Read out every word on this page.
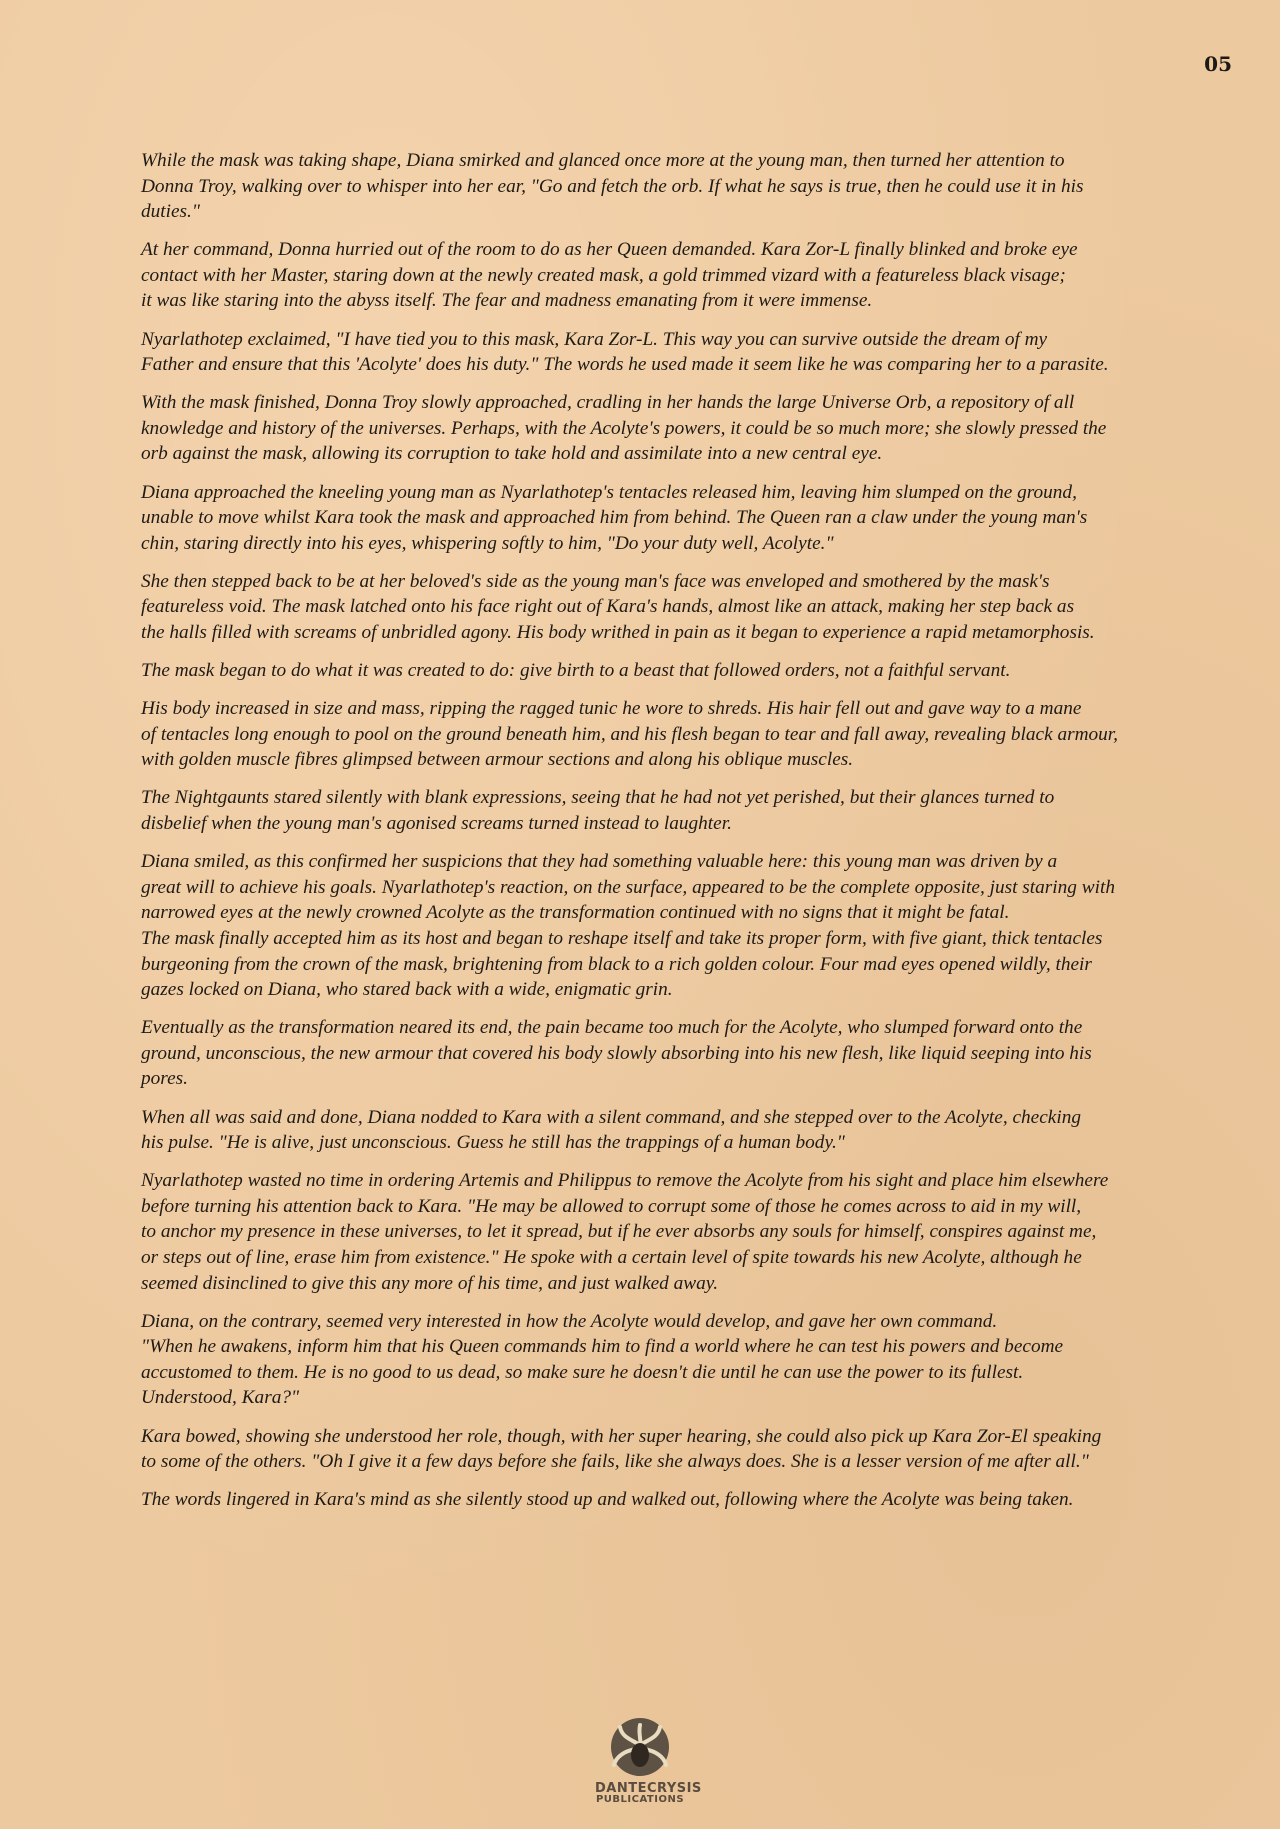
05

While the mask was taking shape, Diana smirked and glanced once more at the young man, then turned her attention to
Donna Troy, walking over to whisper into her ear, "Go and fetch the orb. If what he says is true, then he could use it in his
duties."

At her command, Donna hurried out of the room to do as her Queen demanded. Kara Zor-L finally blinked and broke eye
contact with her Master, staring down at the newly created mask, a gold trimmed vizard with a featureless black visage;
it was like staring into the abyss itself. The fear and madness emanating from it were immense.

Nyarlathotep exclaimed, "I have tied you to this mask, Kara Zor-L. This way you can survive outside the dream of my
Father and ensure that this 'Acolyte' does his duty." The words he used made it seem like he was comparing her to a parasite.

With the mask finished, Donna Troy slowly approached, cradling in her hands the large Universe Orb, a repository of all
knowledge and history of the universes. Perhaps, with the Acolyte's powers, it could be so much more; she slowly pressed the
orb against the mask, allowing its corruption to take hold and assimilate into a new central eye.

Diana approached the kneeling young man as Nyarlathotep's tentacles released him, leaving him slumped on the ground,
unable to move whilst Kara took the mask and approached him from behind. The Queen ran a claw under the young man's
chin, staring directly into his eyes, whispering softly to him, "Do your duty well, Acolyte."

She then stepped back to be at her beloved's side as the young man's face was enveloped and smothered by the mask's
featureless void. The mask latched onto his face right out of Kara's hands, almost like an attack, making her step back as
the halls filled with screams of unbridled agony. His body writhed in pain as it began to experience a rapid metamorphosis.

The mask began to do what it was created to do: give birth to a beast that followed orders, not a faithful servant.

His body increased in size and mass, ripping the ragged tunic he wore to shreds. His hair fell out and gave way to a mane
of tentacles long enough to pool on the ground beneath him, and his flesh began to tear and fall away, revealing black armour,
with golden muscle fibres glimpsed between armour sections and along his oblique muscles.

The Nightgaunts stared silently with blank expressions, seeing that he had not yet perished, but their glances turned to
disbelief when the young man's agonised screams turned instead to laughter.

Diana smiled, as this confirmed her suspicions that they had something valuable here: this young man was driven by a
great will to achieve his goals. Nyarlathotep's reaction, on the surface, appeared to be the complete opposite, just staring with
narrowed eyes at the newly crowned Acolyte as the transformation continued with no signs that it might be fatal.
The mask finally accepted him as its host and began to reshape itself and take its proper form, with five giant, thick tentacles
burgeoning from the crown of the mask, brightening from black to a rich golden colour. Four mad eyes opened wildly, their
gazes locked on Diana, who stared back with a wide, enigmatic grin.

Eventually as the transformation neared its end, the pain became too much for the Acolyte, who slumped forward onto the
ground, unconscious, the new armour that covered his body slowly absorbing into his new flesh, like liquid seeping into his
pores.

When all was said and done, Diana nodded to Kara with a silent command, and she stepped over to the Acolyte, checking
his pulse. "He is alive, just unconscious. Guess he still has the trappings of a human body."

Nyarlathotep wasted no time in ordering Artemis and Philippus to remove the Acolyte from his sight and place him elsewhere
before turning his attention back to Kara. "He may be allowed to corrupt some of those he comes across to aid in my will,
to anchor my presence in these universes, to let it spread, but if he ever absorbs any souls for himself, conspires against me,
or steps out of line, erase him from existence." He spoke with a certain level of spite towards his new Acolyte, although he
seemed disinclined to give this any more of his time, and just walked away.

Diana, on the contrary, seemed very interested in how the Acolyte would develop, and gave her own command.
"When he awakens, inform him that his Queen commands him to find a world where he can test his powers and become
accustomed to them. He is no good to us dead, so make sure he doesn't die until he can use the power to its fullest.
Understood, Kara?"

Kara bowed, showing she understood her role, though, with her super hearing, she could also pick up Kara Zor-El speaking
to some of the others. "Oh I give it a few days before she fails, like she always does. She is a lesser version of me after all."

The words lingered in Kara's mind as she silently stood up and walked out, following where the Acolyte was being taken.

DANTECRYSIS
PUBLICATIONS
